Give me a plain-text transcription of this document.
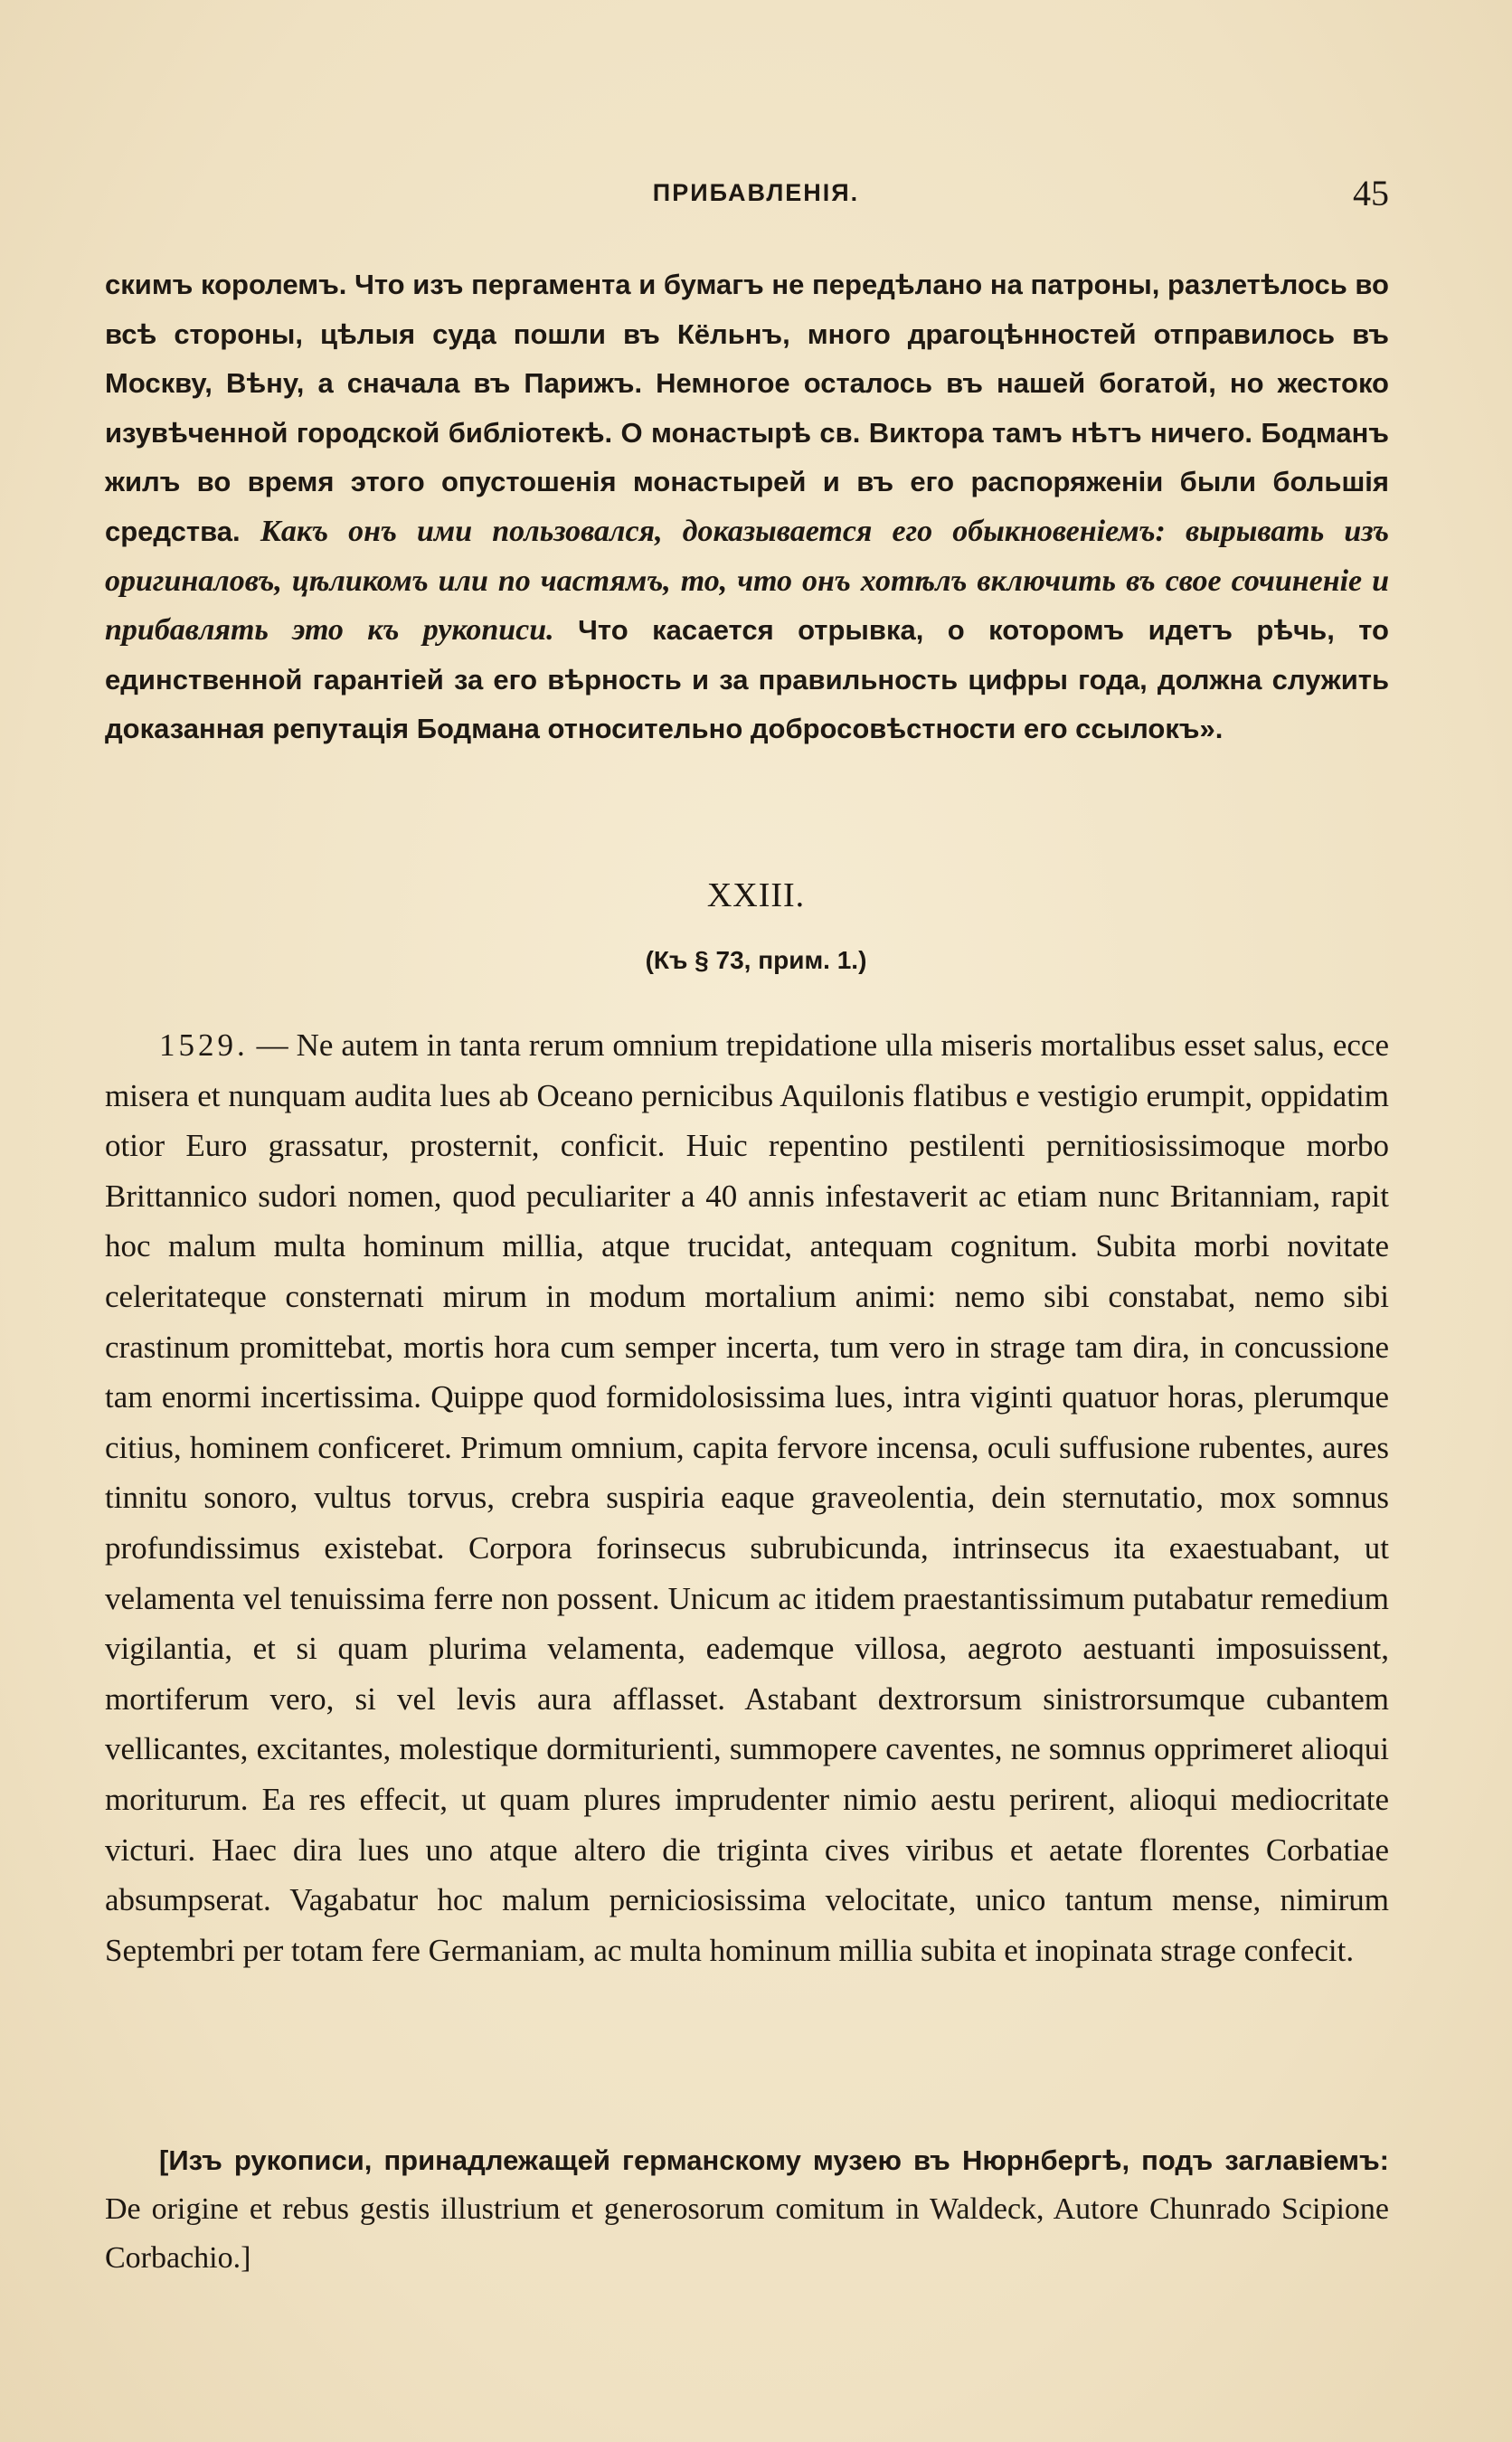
ПРИБАВЛЕНІЯ.	45

скимъ королемъ. Что изъ пергамента и бумагъ не передѣлано на патроны, разлетѣлось во всѣ стороны, цѣлыя суда пошли въ Кёльнъ, много драгоцѣнностей отправилось въ Москву, Вѣну, а сначала въ Парижъ. Немногое осталось въ нашей богатой, но жестоко изувѣченной городской библіотекѣ. О монастырѣ св. Виктора тамъ нѣтъ ничего. Бодманъ жилъ во время этого опустошенія монастырей и въ его распоряженіи были большія средства. Какъ онъ ими пользовался, доказывается его обыкновеніемъ: вырывать изъ оригиналовъ, цѣликомъ или по частямъ, то, что онъ хотѣлъ включить въ свое сочиненіе и прибавлять это къ рукописи. Что касается отрывка, о которомъ идетъ рѣчь, то единственной гарантіей за его вѣрность и за правильность цифры года, должна служить доказанная репутація Бодмана относительно добросовѣстности его ссылокъ».

XXIII.
(Къ § 73, прим. 1.)

1529. — Ne autem in tanta rerum omnium trepidatione ulla miseris mortalibus esset salus, ecce misera et nunquam audita lues ab Oceano pernicibus Aquilonis flatibus e vestigio erumpit, oppidatim otior Euro grassatur, prosternit, conficit. Huic repentino pestilenti pernitiosissimoque morbo Brittannico sudori nomen, quod peculiariter a 40 annis infestaverit ac etiam nunc Britanniam, rapit hoc malum multa hominum millia, atque trucidat, antequam cognitum. Subita morbi novitate celeritateque consternati mirum in modum mortalium animi: nemo sibi constabat, nemo sibi crastinum promittebat, mortis hora cum semper incerta, tum vero in strage tam dira, in concussione tam enormi incertissima. Quippe quod formidolosissima lues, intra viginti quatuor horas, plerumque citius, hominem conficeret. Primum omnium, capita fervore incensa, oculi suffusione rubentes, aures tinnitu sonoro, vultus torvus, crebra suspiria eaque graveolentia, dein sternutatio, mox somnus profundissimus existebat. Corpora forinsecus subrubicunda, intrinsecus ita exaestuabant, ut velamenta vel tenuissima ferre non possent. Unicum ac itidem praestantissimum putabatur remedium vigilantia, et si quam plurima velamenta, eademque villosa, aegroto aestuanti imposuissent, mortiferum vero, si vel levis aura afflasset. Astabant dextrorsum sinistrorsumque cubantem vellicantes, excitantes, molestique dormiturienti, summopere caventes, ne somnus opprimeret alioqui moriturum. Ea res effecit, ut quam plures imprudenter nimio aestu perirent, alioqui mediocritate victuri. Haec dira lues uno atque altero die triginta cives viribus et aetate florentes Corbatiae absumpserat. Vagabatur hoc malum perniciosissima velocitate, unico tantum mense, nimirum Septembri per totam fere Germaniam, ac multa hominum millia subita et inopinata strage confecit.

[Изъ рукописи, принадлежащей германскому музею въ Нюрнбергѣ, подъ заглавіемъ: De origine et rebus gestis illustrium et generosorum comitum in Waldeck, Autore Chunrado Scipione Corbachio.]
